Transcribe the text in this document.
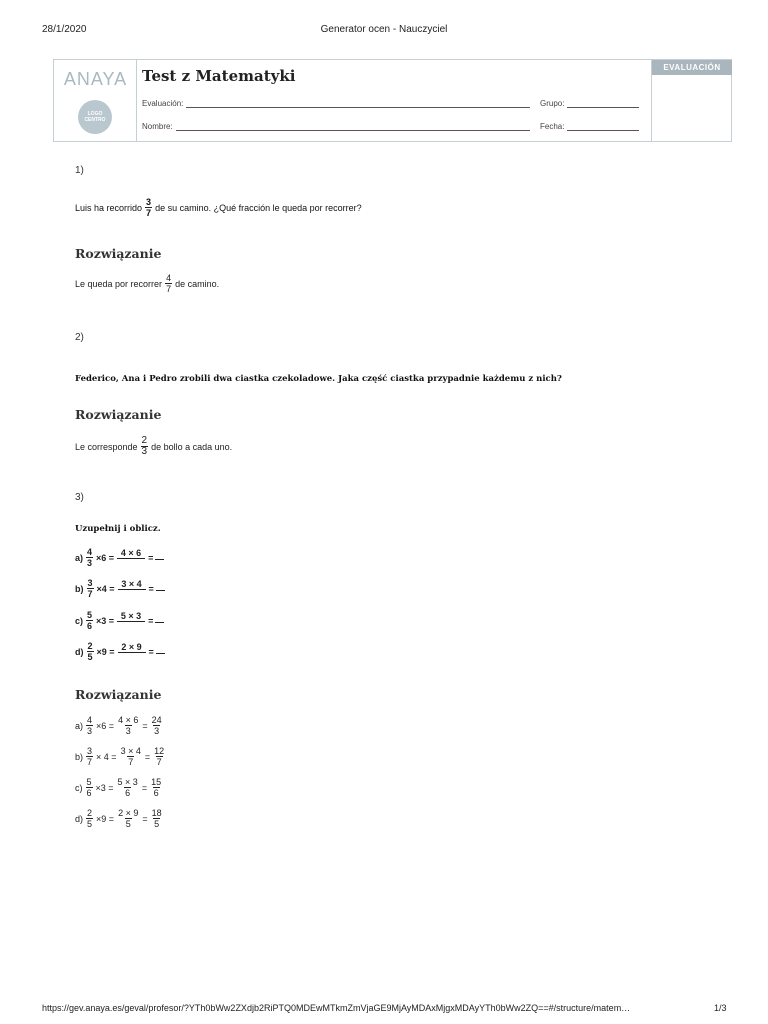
28/1/2020	Generator ocen - Nauczyciel
ANAYA
LOGO CENTRO
Test z Matematyki
Evaluación:	Grupo:
Nombre:	Fecha:
EVALUACIÓN
1)
Luis ha recorrido $\frac{3}{7}$ de su camino. ¿Qué fracción le queda por recorrer?
Rozwiązanie
Le queda por recorrer $\frac{4}{7}$ de camino.
2)
Federico, Ana i Pedro zrobili dwa ciastka czekoladowe. Jaka część ciastka przypadnie każdemu z nich?
Rozwiązanie
Le corresponde $\frac{2}{3}$ de bollo a cada uno.
3)
Uzupełnij i oblicz.
$a) \frac{4}{3} \times 6 = 4 \times 6$ =
$b) \frac{3}{7} \times 4 = 3 \times 4$ =
$c) \frac{5}{6} \times 3 = 5 \times 3$ =
$d) \frac{2}{5} \times 9 = 2 \times 9$ =
Rozwiązanie
$a) \frac{4}{3} \times 6 = \frac{4 \times 6}{3} = \frac{24}{3}$
$b) \frac{3}{7} \times 4 = \frac{3 \times 4}{7} = \frac{12}{7}$
$c) \frac{5}{6} \times 3 = \frac{5 \times 3}{6} = \frac{15}{6}$
$d) \frac{2}{5} \times 9 = \frac{2 \times 9}{5} = \frac{18}{5}$
https://gev.anaya.es/geval/profesor/?YTh0bWw2ZXdjb2RiPTQ0MDEwMTkmZmVjaGE9MjAyMDAxMjgxMDAyYTh0bWw2ZQ==#/structure/matem…	1/3
